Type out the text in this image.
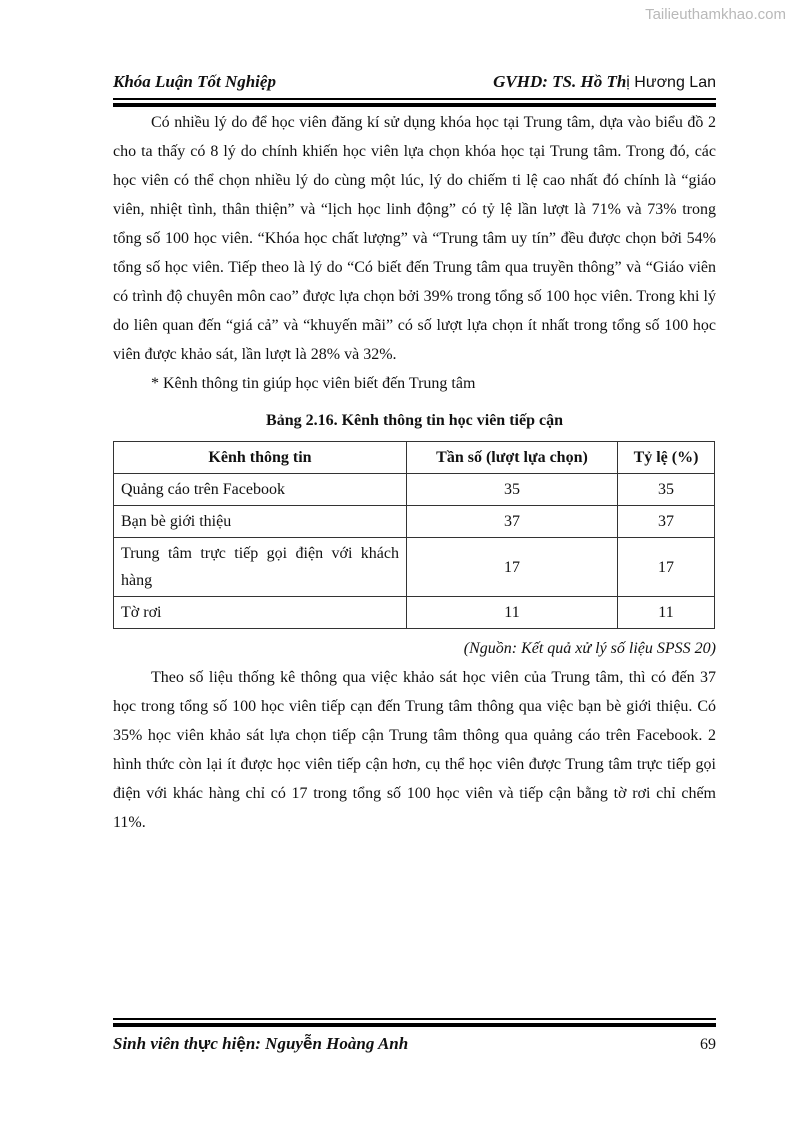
Tailieuthamkhao.com
Khóa Luận Tốt Nghiệp	GVHD: TS. Hồ Thị Hương Lan

Có nhiều lý do để học viên đăng kí sử dụng khóa học tại Trung tâm, dựa vào biểu đồ 2 cho ta thấy có 8 lý do chính khiến học viên lựa chọn khóa học tại Trung tâm. Trong đó, các học viên có thể chọn nhiều lý do cùng một lúc, lý do chiếm ti lệ cao nhất đó chính là “giáo viên, nhiệt tình, thân thiện” và “lịch học linh động” có tỷ lệ lần lượt là 71% và 73% trong tổng số 100 học viên. “Khóa học chất lượng” và “Trung tâm uy tín” đều được chọn bởi 54% tổng số học viên. Tiếp theo là lý do “Có biết đến Trung tâm qua truyền thông” và “Giáo viên có trình độ chuyên môn cao” được lựa chọn bởi 39% trong tổng số 100 học viên. Trong khi lý do liên quan đến “giá cả” và “khuyến mãi” có số lượt lựa chọn ít nhất trong tổng số 100 học viên được khảo sát, lần lượt là 28% và 32%.

* Kênh thông tin giúp học viên biết đến Trung tâm

Bảng 2.16. Kênh thông tin học viên tiếp cận

Kênh thông tin	Tần số (lượt lựa chọn)	Tỷ lệ (%)
Quảng cáo trên Facebook	35	35
Bạn bè giới thiệu	37	37
Trung tâm trực tiếp gọi điện với khách hàng	17	17
Tờ rơi	11	11

(Nguồn: Kết quả xử lý số liệu SPSS 20)

Theo số liệu thống kê thông qua việc khảo sát học viên của Trung tâm, thì có đến 37 học trong tổng số 100 học viên tiếp cạn đến Trung tâm thông qua việc bạn bè giới thiệu. Có 35% học viên khảo sát lựa chọn tiếp cận Trung tâm thông qua quảng cáo trên Facebook. 2 hình thức còn lại ít được học viên tiếp cận hơn, cụ thể học viên được Trung tâm trực tiếp gọi điện với khác hàng chỉ có 17 trong tổng số 100 học viên và tiếp cận bằng tờ rơi chỉ chếm 11%.

Sinh viên thực hiện: Nguyễn Hoàng Anh	69
